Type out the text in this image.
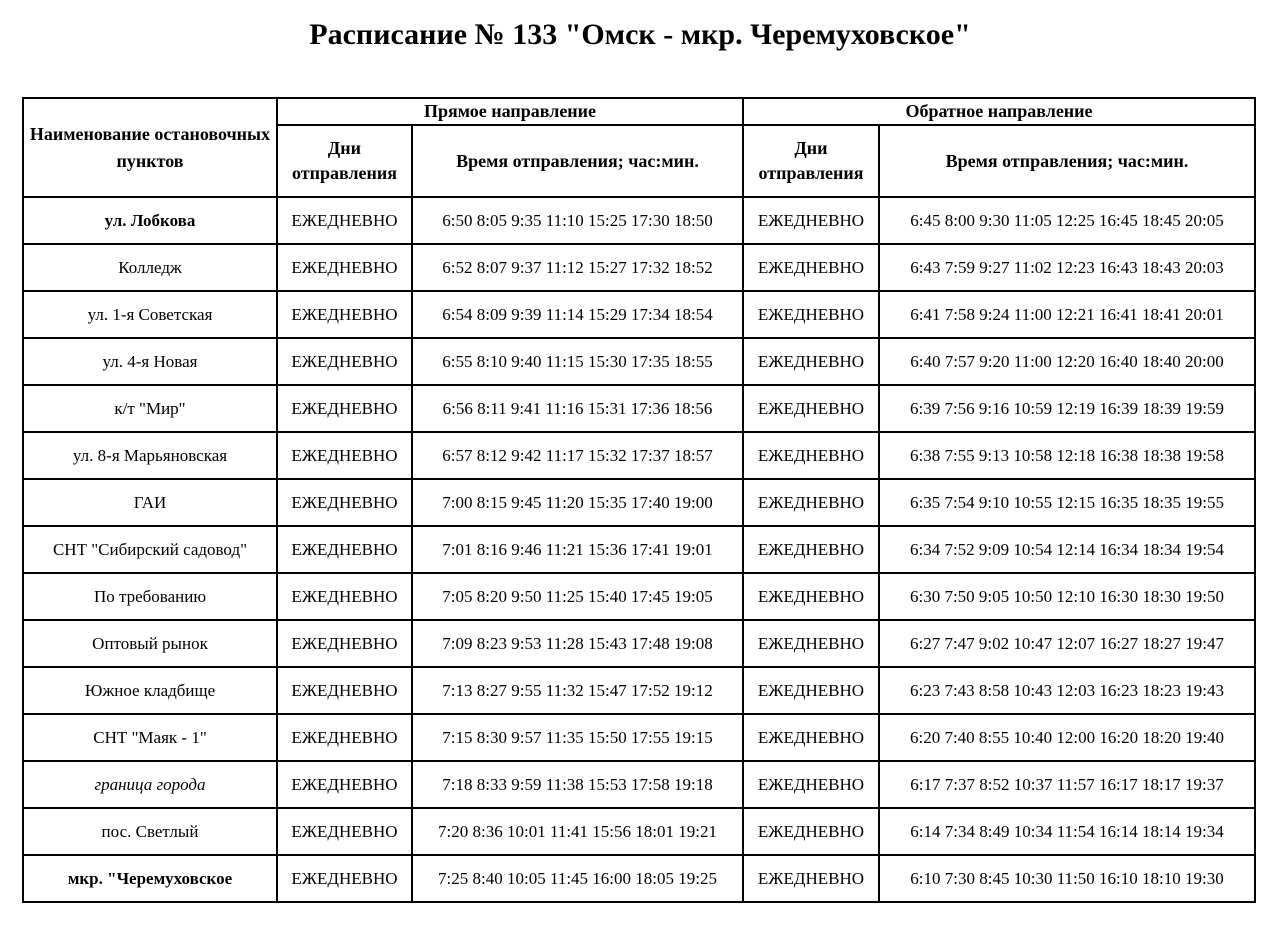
Расписание № 133 "Омск - мкр. Черемуховское"
Наименование остановочных пунктов	Прямое направление		Обратное направление	
	Дни отправления	Время отправления; час:мин.	Дни отправления	Время отправления; час:мин.
ул. Лобкова	ЕЖЕДНЕВНО	6:50 8:05 9:35 11:10 15:25 17:30 18:50	ЕЖЕДНЕВНО	6:45 8:00 9:30 11:05 12:25 16:45 18:45 20:05
Колледж	ЕЖЕДНЕВНО	6:52 8:07 9:37 11:12 15:27 17:32 18:52	ЕЖЕДНЕВНО	6:43 7:59 9:27 11:02 12:23 16:43 18:43 20:03
ул. 1-я Советская	ЕЖЕДНЕВНО	6:54 8:09 9:39 11:14 15:29 17:34 18:54	ЕЖЕДНЕВНО	6:41 7:58 9:24 11:00 12:21 16:41 18:41 20:01
ул. 4-я Новая	ЕЖЕДНЕВНО	6:55 8:10 9:40 11:15 15:30 17:35 18:55	ЕЖЕДНЕВНО	6:40 7:57 9:20 11:00 12:20 16:40 18:40 20:00
к/т "Мир"	ЕЖЕДНЕВНО	6:56 8:11 9:41 11:16 15:31 17:36 18:56	ЕЖЕДНЕВНО	6:39 7:56 9:16 10:59 12:19 16:39 18:39 19:59
ул. 8-я Марьяновская	ЕЖЕДНЕВНО	6:57 8:12 9:42 11:17 15:32 17:37 18:57	ЕЖЕДНЕВНО	6:38 7:55 9:13 10:58 12:18 16:38 18:38 19:58
ГАИ	ЕЖЕДНЕВНО	7:00 8:15 9:45 11:20 15:35 17:40 19:00	ЕЖЕДНЕВНО	6:35 7:54 9:10 10:55 12:15 16:35 18:35 19:55
СНТ "Сибирский садовод"	ЕЖЕДНЕВНО	7:01 8:16 9:46 11:21 15:36 17:41 19:01	ЕЖЕДНЕВНО	6:34 7:52 9:09 10:54 12:14 16:34 18:34 19:54
По требованию	ЕЖЕДНЕВНО	7:05 8:20 9:50 11:25 15:40 17:45 19:05	ЕЖЕДНЕВНО	6:30 7:50 9:05 10:50 12:10 16:30 18:30 19:50
Оптовый рынок	ЕЖЕДНЕВНО	7:09 8:23 9:53 11:28 15:43 17:48 19:08	ЕЖЕДНЕВНО	6:27 7:47 9:02 10:47 12:07 16:27 18:27 19:47
Южное кладбище	ЕЖЕДНЕВНО	7:13 8:27 9:55 11:32 15:47 17:52 19:12	ЕЖЕДНЕВНО	6:23 7:43 8:58 10:43 12:03 16:23 18:23 19:43
СНТ "Маяк - 1"	ЕЖЕДНЕВНО	7:15 8:30 9:57 11:35 15:50 17:55 19:15	ЕЖЕДНЕВНО	6:20 7:40 8:55 10:40 12:00 16:20 18:20 19:40
граница города	ЕЖЕДНЕВНО	7:18 8:33 9:59 11:38 15:53 17:58 19:18	ЕЖЕДНЕВНО	6:17 7:37 8:52 10:37 11:57 16:17 18:17 19:37
пос. Светлый	ЕЖЕДНЕВНО	7:20 8:36 10:01 11:41 15:56 18:01 19:21	ЕЖЕДНЕВНО	6:14 7:34 8:49 10:34 11:54 16:14 18:14 19:34
мкр. "Черемуховское	ЕЖЕДНЕВНО	7:25 8:40 10:05 11:45 16:00 18:05 19:25	ЕЖЕДНЕВНО	6:10 7:30 8:45 10:30 11:50 16:10 18:10 19:30
